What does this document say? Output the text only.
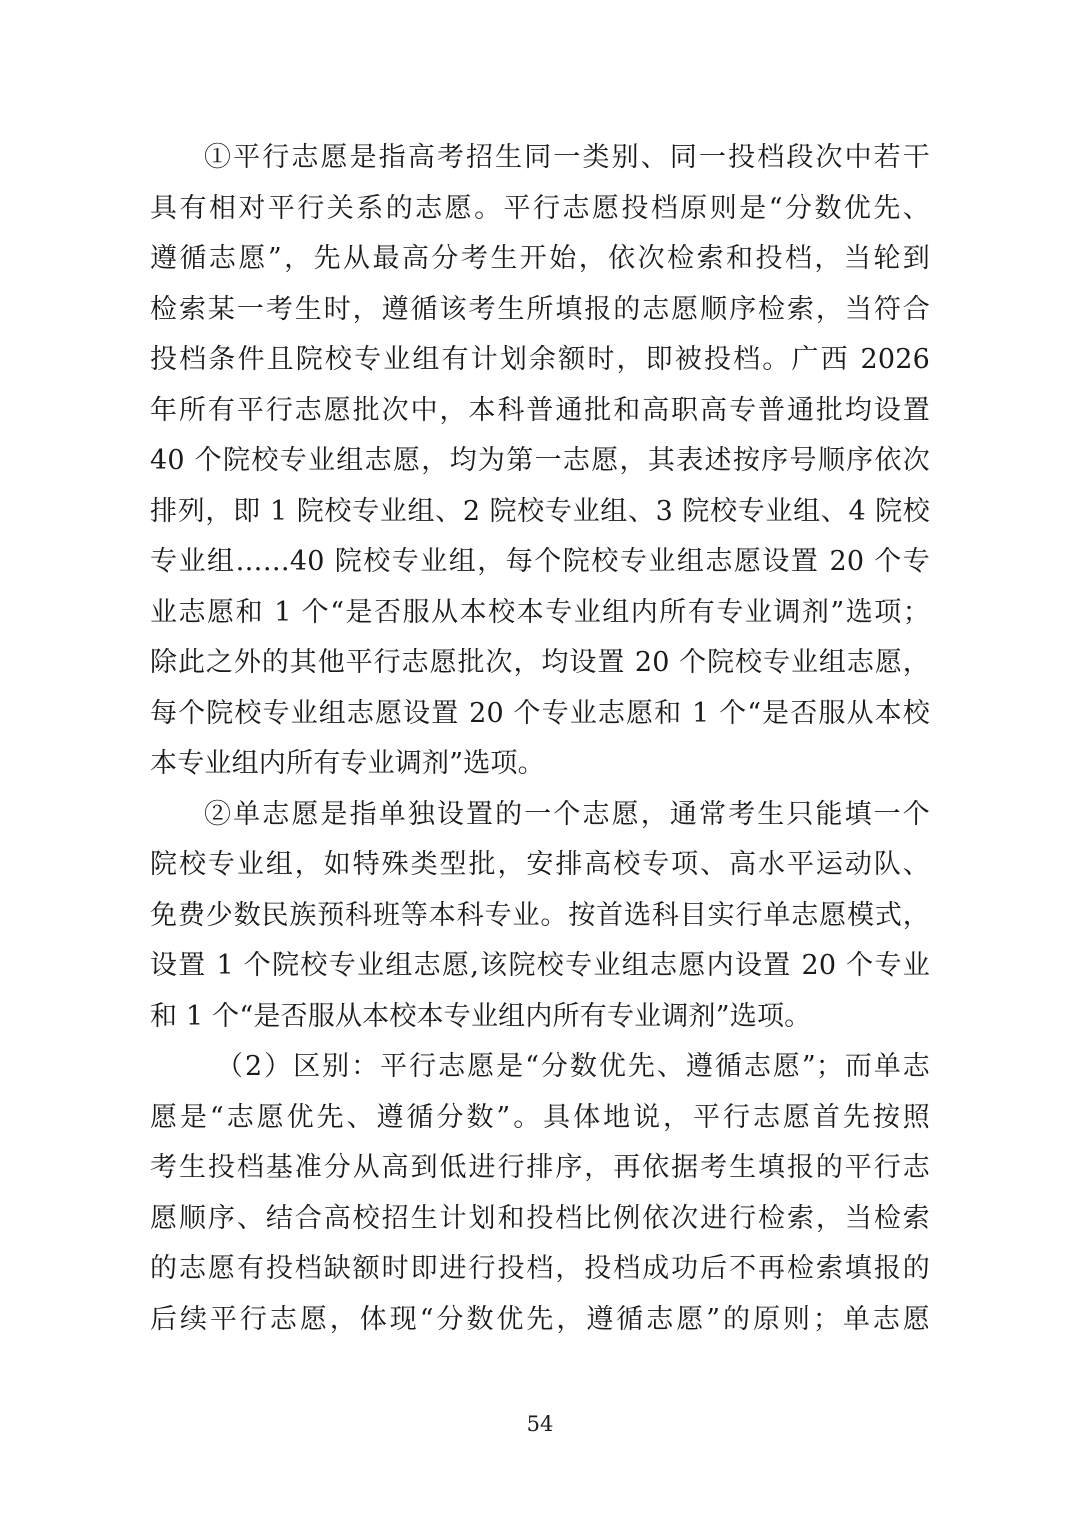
①平行志愿是指高考招生同一类别、同一投档段次中若干
具有相对平行关系的志愿。平行志愿投档原则是“分数优先、
遵循志愿”，先从最高分考生开始，依次检索和投档，当轮到
检索某一考生时，遵循该考生所填报的志愿顺序检索，当符合
投档条件且院校专业组有计划余额时，即被投档。广西 2026
年所有平行志愿批次中，本科普通批和高职高专普通批均设置
40 个院校专业组志愿，均为第一志愿，其表述按序号顺序依次
排列，即 1 院校专业组、2 院校专业组、3 院校专业组、4 院校
专业组……40 院校专业组，每个院校专业组志愿设置 20 个专
业志愿和 1 个“是否服从本校本专业组内所有专业调剂”选项；
除此之外的其他平行志愿批次，均设置 20 个院校专业组志愿，
每个院校专业组志愿设置 20 个专业志愿和 1 个“是否服从本校
本专业组内所有专业调剂”选项。
②单志愿是指单独设置的一个志愿，通常考生只能填一个
院校专业组，如特殊类型批，安排高校专项、高水平运动队、
免费少数民族预科班等本科专业。按首选科目实行单志愿模式，
设置 1 个院校专业组志愿,该院校专业组志愿内设置 20 个专业
和 1 个“是否服从本校本专业组内所有专业调剂”选项。
（2）区别：平行志愿是“分数优先、遵循志愿”；而单志
愿是“志愿优先、遵循分数”。具体地说，平行志愿首先按照
考生投档基准分从高到低进行排序，再依据考生填报的平行志
愿顺序、结合高校招生计划和投档比例依次进行检索，当检索
的志愿有投档缺额时即进行投档，投档成功后不再检索填报的
后续平行志愿，体现“分数优先，遵循志愿”的原则；单志愿
54
